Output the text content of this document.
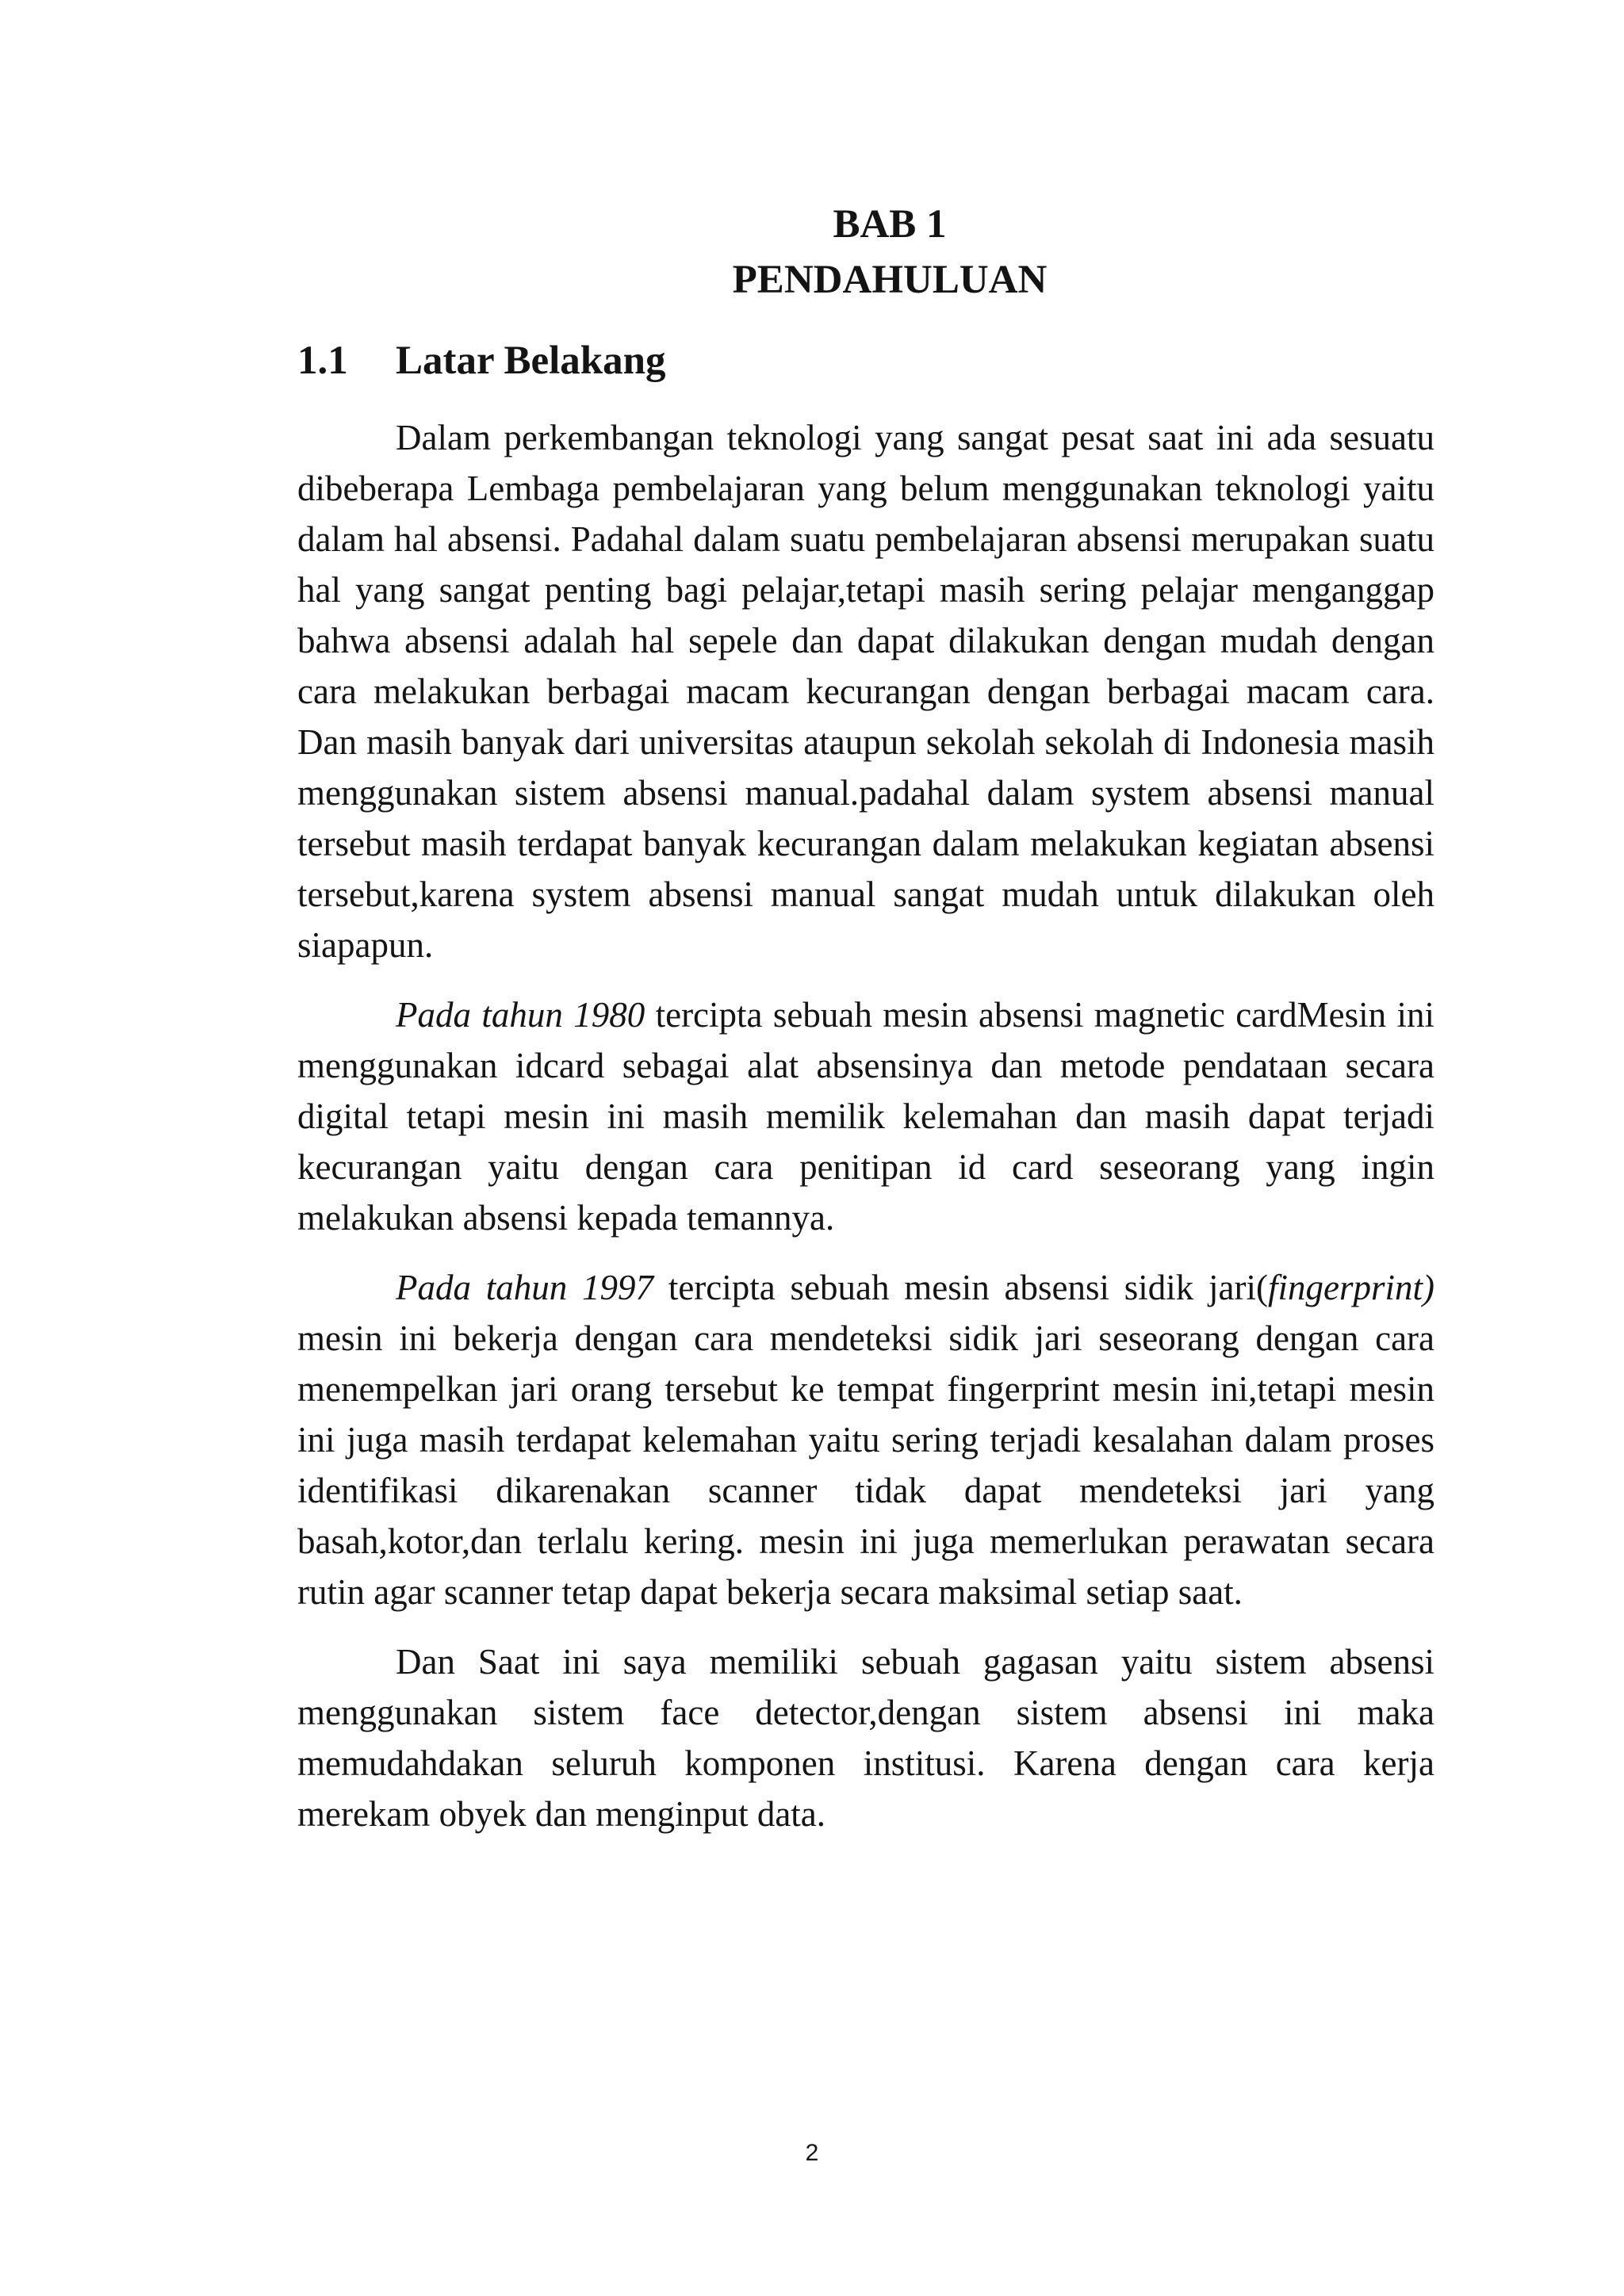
BAB 1
PENDAHULUAN
1.1 Latar Belakang

Dalam perkembangan teknologi yang sangat pesat saat ini ada sesuatu dibeberapa Lembaga pembelajaran yang belum menggunakan teknologi yaitu dalam hal absensi. Padahal dalam suatu pembelajaran absensi merupakan suatu hal yang sangat penting bagi pelajar,tetapi masih sering pelajar menganggap bahwa absensi adalah hal sepele dan dapat dilakukan dengan mudah dengan cara melakukan berbagai macam kecurangan dengan berbagai macam cara. Dan masih banyak dari universitas ataupun sekolah sekolah di Indonesia masih menggunakan sistem absensi manual.padahal dalam system absensi manual tersebut masih terdapat banyak kecurangan dalam melakukan kegiatan absensi tersebut,karena system absensi manual sangat mudah untuk dilakukan oleh siapapun.

Pada tahun 1980 tercipta sebuah mesin absensi magnetic cardMesin ini menggunakan idcard sebagai alat absensinya dan metode pendataan secara digital tetapi mesin ini masih memilik kelemahan dan masih dapat terjadi kecurangan yaitu dengan cara penitipan id card seseorang yang ingin melakukan absensi kepada temannya.

Pada tahun 1997 tercipta sebuah mesin absensi sidik jari(fingerprint) mesin ini bekerja dengan cara mendeteksi sidik jari seseorang dengan cara menempelkan jari orang tersebut ke tempat fingerprint mesin ini,tetapi mesin ini juga masih terdapat kelemahan yaitu sering terjadi kesalahan dalam proses identifikasi dikarenakan scanner tidak dapat mendeteksi jari yang basah,kotor,dan terlalu kering. mesin ini juga memerlukan perawatan secara rutin agar scanner tetap dapat bekerja secara maksimal setiap saat.

Dan Saat ini saya memiliki sebuah gagasan yaitu sistem absensi menggunakan sistem face detector,dengan sistem absensi ini maka memudahdakan seluruh komponen institusi. Karena dengan cara kerja merekam obyek dan menginput data.

2
